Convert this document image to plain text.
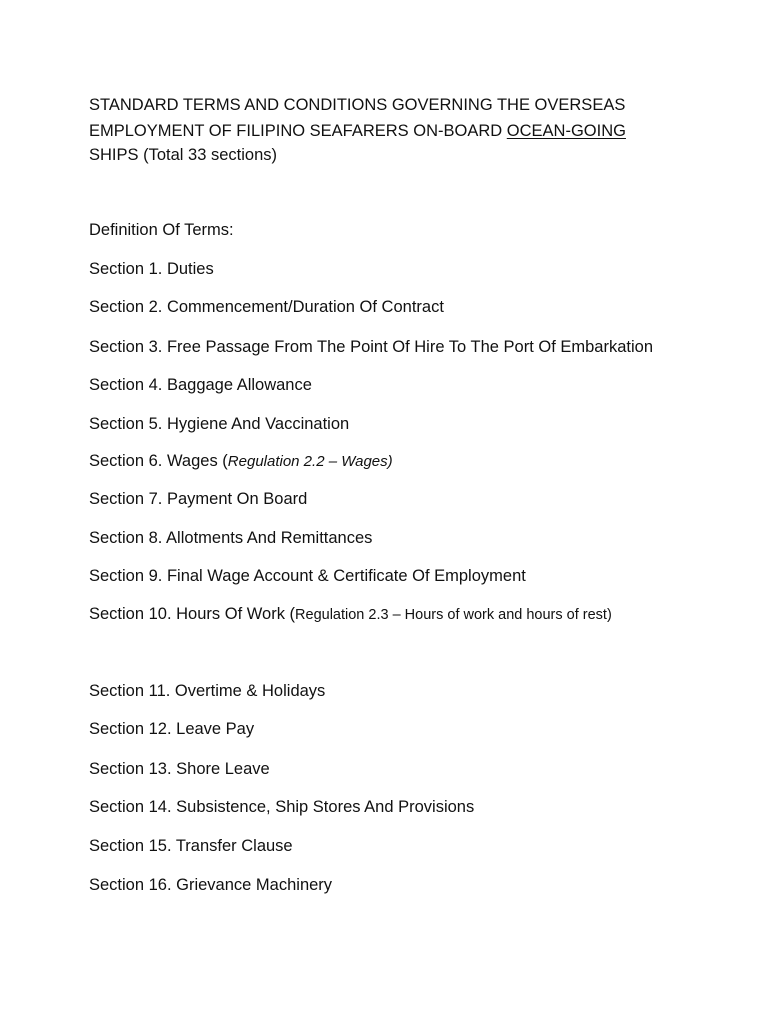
STANDARD TERMS AND CONDITIONS GOVERNING THE OVERSEAS
EMPLOYMENT OF FILIPINO SEAFARERS ON-BOARD OCEAN-GOING
SHIPS (Total 33 sections)
Definition Of Terms:
Section 1. Duties
Section 2. Commencement/Duration Of Contract
Section 3. Free Passage From The Point Of Hire To The Port Of Embarkation
Section 4. Baggage Allowance
Section 5. Hygiene And Vaccination
Section 6. Wages (Regulation 2.2 – Wages)
Section 7. Payment On Board
Section 8. Allotments And Remittances
Section 9. Final Wage Account & Certificate Of Employment
Section 10. Hours Of Work (Regulation 2.3 – Hours of work and hours of rest)
Section 11. Overtime & Holidays
Section 12. Leave Pay
Section 13. Shore Leave
Section 14. Subsistence, Ship Stores And Provisions
Section 15. Transfer Clause
Section 16. Grievance Machinery
